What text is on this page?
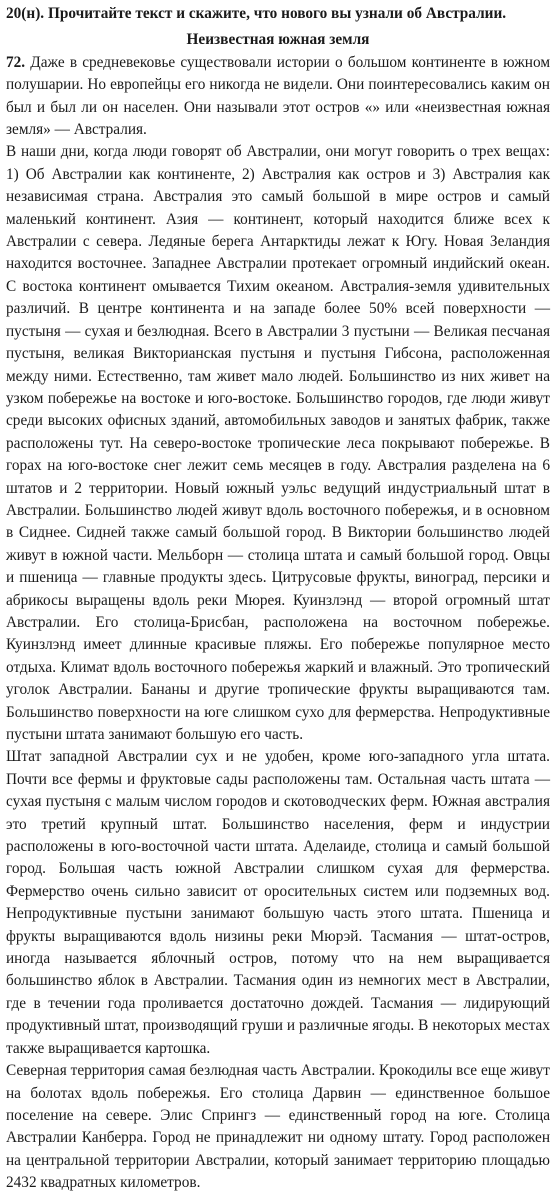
20(н). Прочитайте текст и скажите, что нового вы узнали об Австралии.

Неизвестная южная земля

72. Даже в средневековье существовали истории о большом континенте в южном полушарии. Но европейцы его никогда не видели. Они поинтересовались каким он был и был ли он населен. Они называли этот остров «» или «неизвестная южная земля» — Австралия.

В наши дни, когда люди говорят об Австралии, они могут говорить о трех вещах: 1) Об Австралии как континенте, 2) Австралия как остров и 3) Австралия как независимая страна. Австралия это самый большой в мире остров и самый маленький континент. Азия — континент, который находится ближе всех к Австралии с севера. Ледяные берега Антарктиды лежат к Югу. Новая Зеландия находится восточнее. Западнее Австралии протекает огромный индийский океан. С востока континент омывается Тихим океаном. Австралия-земля удивительных различий. В центре континента и на западе более 50% всей поверхности — пустыня — сухая и безлюдная. Всего в Австралии 3 пустыни — Великая песчаная пустыня, великая Викторианская пустыня и пустыня Гибсона, расположенная между ними. Естественно, там живет мало людей. Большинство из них живет на узком побережье на востоке и юго-востоке. Большинство городов, где люди живут среди высоких офисных зданий, автомобильных заводов и занятых фабрик, также расположены тут. На северо-востоке тропические леса покрывают побережье. В горах на юго-востоке снег лежит семь месяцев в году. Австралия разделена на 6 штатов и 2 территории. Новый южный уэльс ведущий индустриальный штат в Австралии. Большинство людей живут вдоль восточного побережья, и в основном в Сиднее. Сидней также самый большой город. В Виктории большинство людей живут в южной части. Мельборн — столица штата и самый большой город. Овцы и пшеница — главные продукты здесь. Цитрусовые фрукты, виноград, персики и абрикосы выращены вдоль реки Мюрея. Куинзлэнд — второй огромный штат Австралии. Его столица-Брисбан, расположена на восточном побережье. Куинзлэнд имеет длинные красивые пляжы. Его побережье популярное место отдыха. Климат вдоль восточного побережья жаркий и влажный. Это тропический уголок Австралии. Бананы и другие тропические фрукты выращиваются там. Большинство поверхности на юге слишком сухо для фермерства. Непродуктивные пустыни штата занимают большую его часть.

Штат западной Австралии сух и не удобен, кроме юго-западного угла штата. Почти все фермы и фруктовые сады расположены там. Остальная часть штата — сухая пустыня с малым числом городов и скотоводческих ферм. Южная австралия это третий крупный штат. Большинство населения, ферм и индустрии расположены в юго-восточной части штата. Аделаиде, столица и самый большой город. Большая часть южной Австралии слишком сухая для фермерства. Фермерство очень сильно зависит от оросительных систем или подземных вод. Непродуктивные пустыни занимают большую часть этого штата. Пшеница и фрукты выращиваются вдоль низины реки Мюрэй. Тасмания — штат-остров, иногда называется яблочный остров, потому что на нем выращивается большинство яблок в Австралии. Тасмания один из немногих мест в Австралии, где в течении года проливается достаточно дождей. Тасмания — лидирующий продуктивный штат, производящий груши и различные ягоды. В некоторых местах также выращивается картошка.

Северная территория самая безлюдная часть Австралии. Крокодилы все еще живут на болотах вдоль побережья. Его столица Дарвин — единственное большое поселение на севере. Элис Спрингз — единственный город на юге. Столица Австралии Канберра. Город не принадлежит ни одному штату. Город расположен на центральной территории Австралии, который занимает территорию площадью 2432 квадратных километров.
